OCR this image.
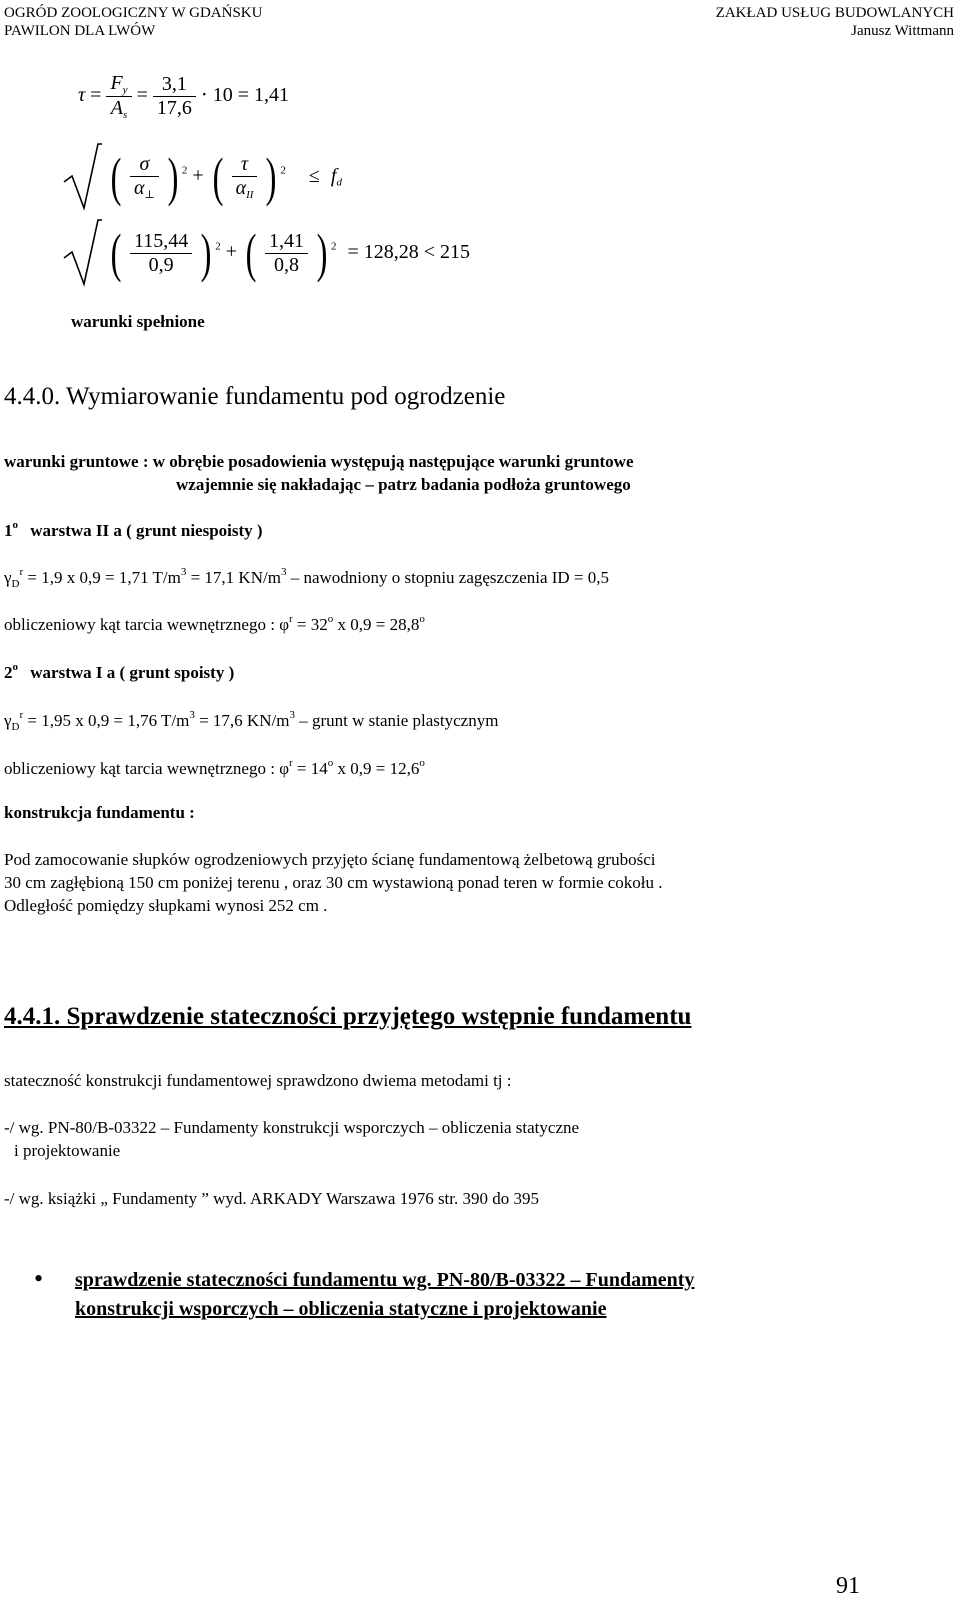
OGRÓD ZOOLOGICZNY W GDAŃSKU
PAWILON DLA LWÓW
ZAKŁAD USŁUG BUDOWLANYCH
Janusz Wittmann
$\tau = \frac{F_y}{A_s} = \frac{3,1}{17,6} \cdot 10 = 1,41$
( $\frac{\sigma}{\alpha_\perp}$ ) $^2$ + ( $\frac{\tau}{\alpha_{II}}$ ) $^2 \le f_d$
( $\frac{115,44}{0,9}$ ) $^2$ + ( $\frac{1,41}{0,8}$ ) $^2$ = 128,28 < 215
warunki spełnione
4.4.0. Wymiarowanie fundamentu pod ogrodzenie
warunki gruntowe : w obrębie posadowienia występują następujące warunki gruntowe
wzajemnie się nakładając – patrz badania podłoża gruntowego
1$^o$ warstwa II a ( grunt niespoisty )
$\gamma_D^r = 1,9$ x 0,9 = 1,71 $T/m^3 = 17,1$ $KN/m^3$ – nawodniony o stopniu zagęszczenia ID = 0,5
obliczeniowy kąt tarcia wewnętrznego : $\varphi^r = 32^o$ x $0,9 = 28,8^o$
2$^o$ warstwa I a ( grunt spoisty )
$\gamma_D^r = 1,95$ x 0,9 = 1,76 $T/m^3 = 17,6$ $KN/m^3$ – grunt w stanie plastycznym
obliczeniowy kąt tarcia wewnętrznego : $\varphi^r = 14^o$ x $0,9 = 12,6^o$
konstrukcja fundamentu :
Pod zamocowanie słupków ogrodzeniowych przyjęto ścianę fundamentową żelbetową grubości
30 cm zagłębioną 150 cm poniżej terenu , oraz 30 cm wystawioną ponad teren w formie cokołu .
Odległość pomiędzy słupkami wynosi 252 cm .
4.4.1. Sprawdzenie stateczności przyjętego wstępnie fundamentu
stateczność konstrukcji fundamentowej sprawdzono dwiema metodami tj :
-/ wg. PN-80/B-03322 – Fundamenty konstrukcji wsporczych – obliczenia statyczne
i projektowanie
-/ wg. książki „ Fundamenty ” wyd. ARKADY Warszawa 1976 str. 390 do 395
• sprawdzenie stateczności fundamentu wg. PN-80/B-03322 – Fundamenty
konstrukcji wsporczych – obliczenia statyczne i projektowanie
91
